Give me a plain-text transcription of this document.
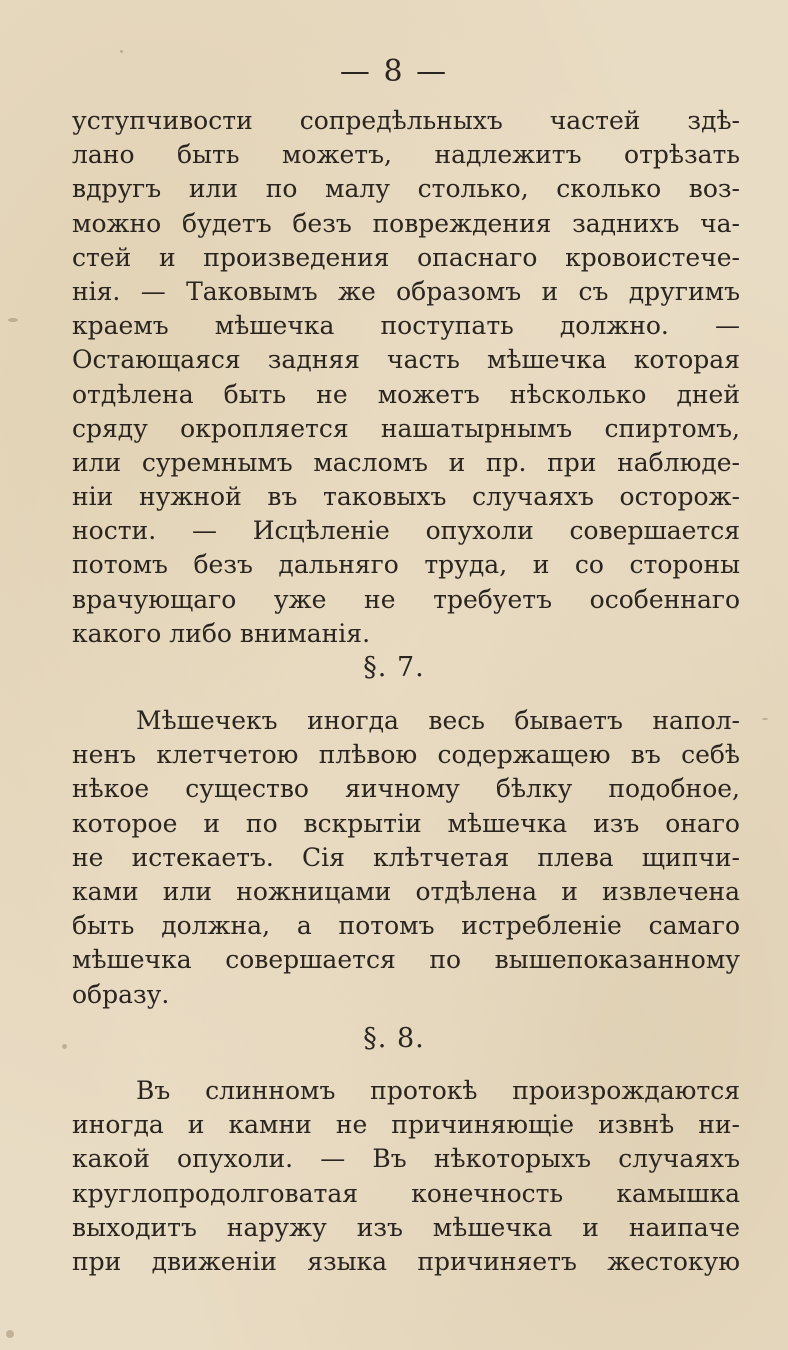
— 8 —
уступчивости сопредѣльныхъ частей здѣ-
лано быть можетъ, надлежитъ отрѣзать
вдругъ или по малу столько, сколько воз-
можно будетъ безъ повреждения заднихъ ча-
стей и произведения опаснаго кровоистече-
нія. — Таковымъ же образомъ и съ другимъ
краемъ мѣшечка поступать должно. —
Остающаяся задняя часть мѣшечка которая
отдѣлена быть не можетъ нѣсколько дней
сряду окропляется нашатырнымъ спиртомъ,
или суремнымъ масломъ и пр. при наблюде-
ніи нужной въ таковыхъ случаяхъ осторож-
ности. — Исцѣленіе опухоли совершается
потомъ безъ дальняго труда, и со стороны
врачующаго уже не требуетъ особеннаго
какого либо вниманія.
§. 7.
Мѣшечекъ иногда весь бываетъ напол-
ненъ клетчетою плѣвою содержащею въ себѣ
нѣкое существо яичному бѣлку подобное,
которое и по вскрытіи мѣшечка изъ онаго
не истекаетъ. Сія клѣтчетая плева щипчи-
ками или ножницами отдѣлена и извлечена
быть должна, а потомъ истребленіе самаго
мѣшечка совершается по вышепоказанному
образу.
§. 8.
Въ слинномъ протокѣ произрождаются
иногда и камни не причиняющіе извнѣ ни-
какой опухоли. — Въ нѣкоторыхъ случаяхъ
круглопродолговатая конечность камышка
выходитъ наружу изъ мѣшечка и наипаче
при движеніи языка причиняетъ жестокую
